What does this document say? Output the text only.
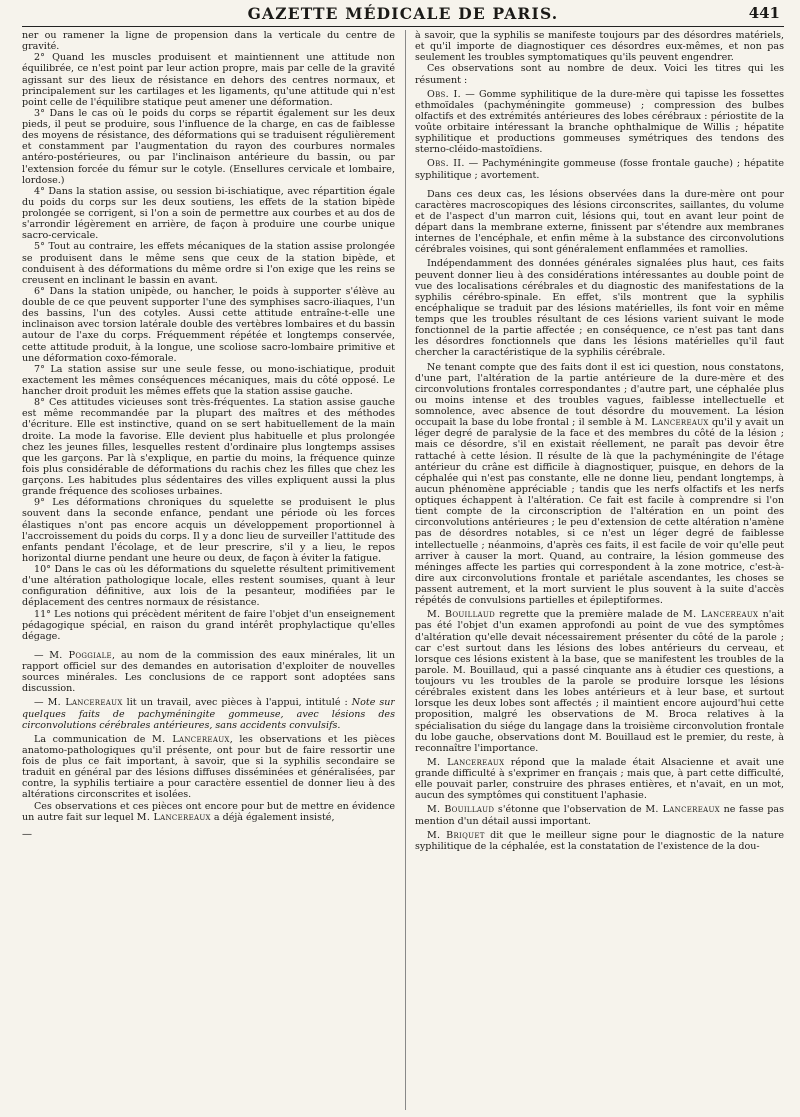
GAZETTE MÉDICALE DE PARIS.	441

ner ou ramener la ligne de propension dans la verticale du centre de gravité.

2° Quand les muscles produisent et maintiennent une attitude non équilibrée, ce n'est point par leur action propre, mais par celle de la gravité agissant sur des lieux de résistance en dehors des centres normaux, et principalement sur les cartilages et les ligaments, qu'une attitude qui n'est point celle de l'équilibre statique peut amener une déformation.

3° Dans le cas où le poids du corps se répartit également sur les deux pieds, il peut se produire, sous l'influence de la charge, en cas de faiblesse des moyens de résistance, des déformations qui se traduisent régulièrement et constamment par l'augmentation du rayon des courbures normales antéro-postérieures, ou par l'inclinaison antérieure du bassin, ou par l'extension forcée du fémur sur le cotyle. (Ensellures cervicale et lombaire, lordose.)

4° Dans la station assise, ou session bi-ischiatique, avec répartition égale du poids du corps sur les deux soutiens, les effets de la station bipède prolongée se corrigent, si l'on a soin de permettre aux courbes et au dos de s'arrondir légèrement en arrière, de façon à produire une courbe unique sacro-cervicale.

5° Tout au contraire, les effets mécaniques de la station assise prolongée se produisent dans le même sens que ceux de la station bipède, et conduisent à des déformations du même ordre si l'on exige que les reins se creusent en inclinant le bassin en avant.

6° Dans la station unipède, ou hancher, le poids à supporter s'élève au double de ce que peuvent supporter l'une des symphises sacro-iliaques, l'un des bassins, l'un des cotyles. Aussi cette attitude entraîne-t-elle une inclinaison avec torsion latérale double des vertèbres lombaires et du bassin autour de l'axe du corps. Fréquemment répétée et longtemps conservée, cette attitude produit, à la longue, une scoliose sacro-lombaire primitive et une déformation coxo-fémorale.

7° La station assise sur une seule fesse, ou mono-ischiatique, produit exactement les mêmes conséquences mécaniques, mais du côté opposé. Le hancher droit produit les mêmes effets que la station assise gauche.

8° Ces attitudes vicieuses sont très-fréquentes. La station assise gauche est même recommandée par la plupart des maîtres et des méthodes d'écriture. Elle est instinctive, quand on se sert habituellement de la main droite. La mode la favorise. Elle devient plus habituelle et plus prolongée chez les jeunes filles, lesquelles restent d'ordinaire plus longtemps assises que les garçons. Par là s'explique, en partie du moins, la fréquence quinze fois plus considérable de déformations du rachis chez les filles que chez les garçons. Les habitudes plus sédentaires des villes expliquent aussi la plus grande fréquence des scolioses urbaines.

9° Les déformations chroniques du squelette se produisent le plus souvent dans la seconde enfance, pendant une période où les forces élastiques n'ont pas encore acquis un développement proportionnel à l'accroissement du poids du corps. Il y a donc lieu de surveiller l'attitude des enfants pendant l'écolage, et de leur prescrire, s'il y a lieu, le repos horizontal diurne pendant une heure ou deux, de façon à éviter la fatigue.

10° Dans le cas où les déformations du squelette résultent primitivement d'une altération pathologique locale, elles restent soumises, quant à leur configuration définitive, aux lois de la pesanteur, modifiées par le déplacement des centres normaux de résistance.

11° Les notions qui précèdent méritent de faire l'objet d'un enseignement pédagogique spécial, en raison du grand intérêt prophylactique qu'elles dégage.

— M. Poggiale, au nom de la commission des eaux minérales, lit un rapport officiel sur des demandes en autorisation d'exploiter de nouvelles sources minérales. Les conclusions de ce rapport sont adoptées sans discussion.

— M. Lancereaux lit un travail, avec pièces à l'appui, intitulé : Note sur quelques faits de pachyméningite gommeuse, avec lésions des circonvolutions cérébrales antérieures, sans accidents convulsifs.

La communication de M. Lancereaux, les observations et les pièces anatomo-pathologiques qu'il présente, ont pour but de faire ressortir une fois de plus ce fait important, à savoir, que si la syphilis secondaire se traduit en général par des lésions diffuses disséminées et généralisées, par contre, la syphilis tertiaire a pour caractère essentiel de donner lieu à des altérations circonscrites et isolées.

Ces observations et ces pièces ont encore pour but de mettre en évidence un autre fait sur lequel M. Lancereaux a déjà également insisté,

—

à savoir, que la syphilis se manifeste toujours par des désordres matériels, et qu'il importe de diagnostiquer ces désordres eux-mêmes, et non pas seulement les troubles symptomatiques qu'ils peuvent engendrer.

Ces observations sont au nombre de deux. Voici les titres qui les résument :

Obs. I. — Gomme syphilitique de la dure-mère qui tapisse les fossettes ethmoïdales (pachyméningite gommeuse) ; compression des bulbes olfactifs et des extrémités antérieures des lobes cérébraux : périostite de la voûte orbitaire intéressant la branche ophthalmique de Willis ; hépatite syphilitique et productions gommeuses symétriques des tendons des sterno-cléido-mastoïdiens.

Obs. II. — Pachyméningite gommeuse (fosse frontale gauche) ; hépatite syphilitique ; avortement.

Dans ces deux cas, les lésions observées dans la dure-mère ont pour caractères macroscopiques des lésions circonscrites, saillantes, du volume et de l'aspect d'un marron cuit, lésions qui, tout en avant leur point de départ dans la membrane externe, finissent par s'étendre aux membranes internes de l'encéphale, et enfin même à la substance des circonvolutions cérébrales voisines, qui sont généralement enflammées et ramollies.

Indépendamment des données générales signalées plus haut, ces faits peuvent donner lieu à des considérations intéressantes au double point de vue des localisations cérébrales et du diagnostic des manifestations de la syphilis cérébro-spinale. En effet, s'ils montrent que la syphilis encéphalique se traduit par des lésions matérielles, ils font voir en même temps que les troubles résultant de ces lésions varient suivant le mode fonctionnel de la partie affectée ; en conséquence, ce n'est pas tant dans les désordres fonctionnels que dans les lésions matérielles qu'il faut chercher la caractéristique de la syphilis cérébrale.

Ne tenant compte que des faits dont il est ici question, nous constatons, d'une part, l'altération de la partie antérieure de la dure-mère et des circonvolutions frontales correspondantes ; d'autre part, une céphalée plus ou moins intense et des troubles vagues, faiblesse intellectuelle et somnolence, avec absence de tout désordre du mouvement. La lésion occupait la base du lobe frontal ; il semble à M. Lancereaux qu'il y avait un léger degré de paralysie de la face et des membres du côté de la lésion ; mais ce désordre, s'il en existait réellement, ne paraît pas devoir être rattaché à cette lésion. Il résulte de là que la pachyméningite de l'étage antérieur du crâne est difficile à diagnostiquer, puisque, en dehors de la céphalée qui n'est pas constante, elle ne donne lieu, pendant longtemps, à aucun phénomène appréciable ; tandis que les nerfs olfactifs et les nerfs optiques échappent à l'altération. Ce fait est facile à comprendre si l'on tient compte de la circonscription de l'altération en un point des circonvolutions antérieures ; le peu d'extension de cette altération n'amène pas de désordres notables, si ce n'est un léger degré de faiblesse intellectuelle ; néanmoins, d'après ces faits, il est facile de voir qu'elle peut arriver à causer la mort. Quand, au contraire, la lésion gommeuse des méninges affecte les parties qui correspondent à la zone motrice, c'est-à-dire aux circonvolutions frontale et pariétale ascendantes, les choses se passent autrement, et la mort survient le plus souvent à la suite d'accès répétés de convulsions partielles et épileptiformes.

M. Bouillaud regrette que la première malade de M. Lancereaux n'ait pas été l'objet d'un examen approfondi au point de vue des symptômes d'altération qu'elle devait nécessairement présenter du côté de la parole ; car c'est surtout dans les lésions des lobes antérieurs du cerveau, et lorsque ces lésions existent à la base, que se manifestent les troubles de la parole. M. Bouillaud, qui a passé cinquante ans à étudier ces questions, a toujours vu les troubles de la parole se produire lorsque les lésions cérébrales existent dans les lobes antérieurs et à leur base, et surtout lorsque les deux lobes sont affectés ; il maintient encore aujourd'hui cette proposition, malgré les observations de M. Broca relatives à la spécialisation du siége du langage dans la troisième circonvolution frontale du lobe gauche, observations dont M. Bouillaud est le premier, du reste, à reconnaître l'importance.

M. Lancereaux répond que la malade était Alsacienne et avait une grande difficulté à s'exprimer en français ; mais que, à part cette difficulté, elle pouvait parler, construire des phrases entières, et n'avait, en un mot, aucun des symptômes qui constituent l'aphasie.

M. Bouillaud s'étonne que l'observation de M. Lancereaux ne fasse pas mention d'un détail aussi important.

M. Briquet dit que le meilleur signe pour le diagnostic de la nature syphilitique de la céphalée, est la constatation de l'existence de la dou-
